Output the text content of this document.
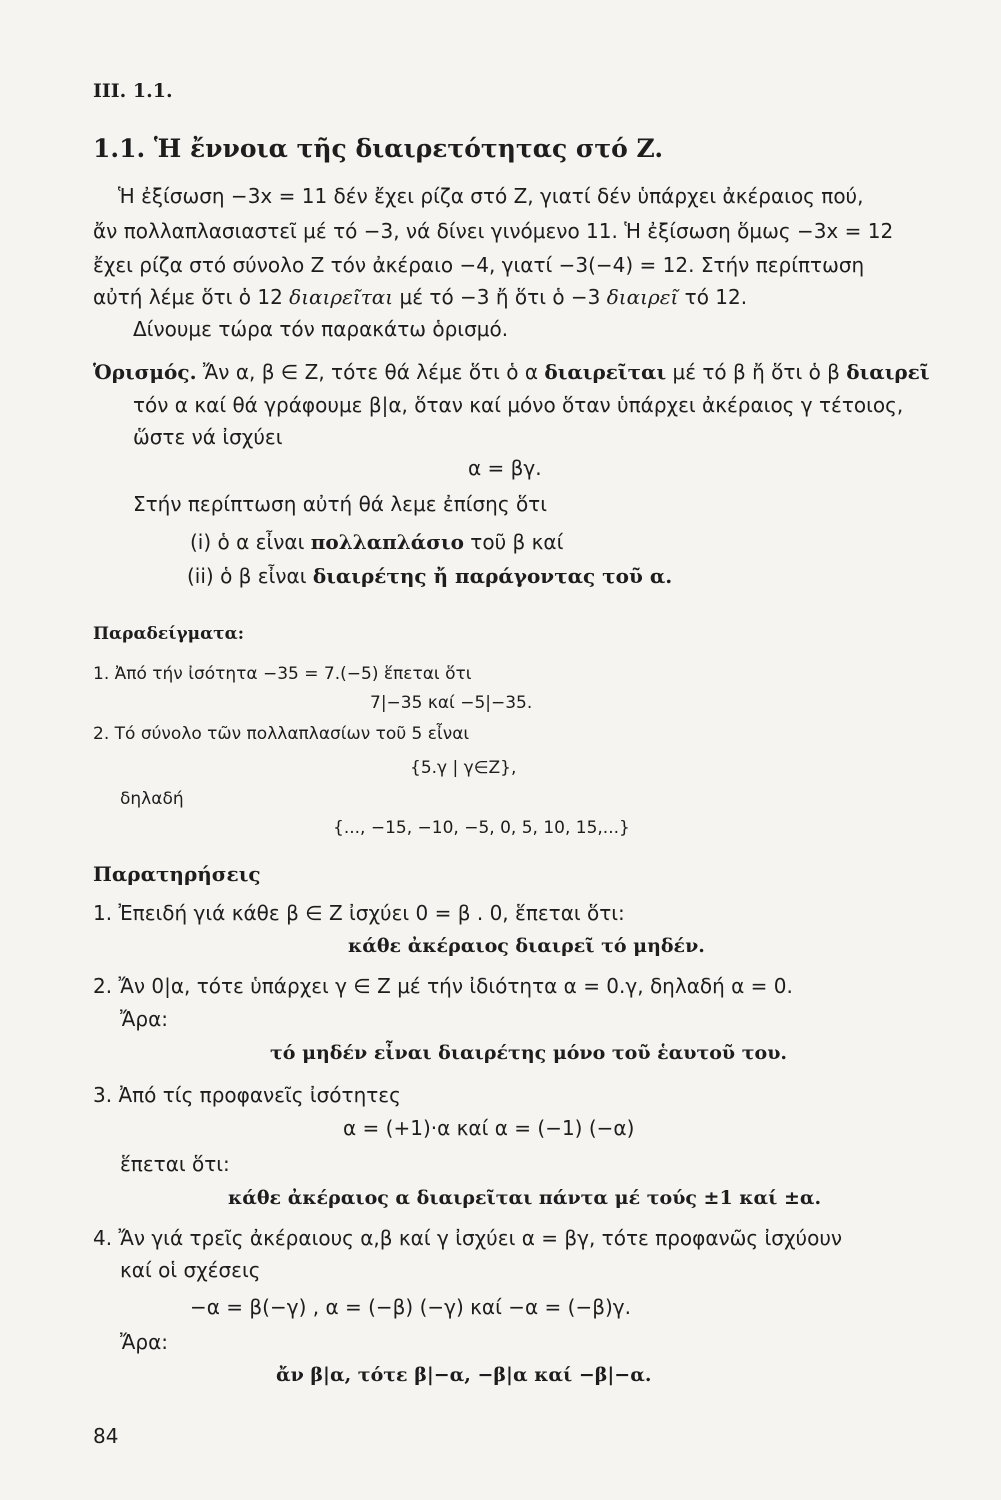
III. 1.1.
1.1. Ἡ ἔννοια τῆς διαιρετότητας στό Z.
Ἡ ἐξίσωση −3x = 11 δέν ἔχει ρίζα στό Z, γιατί δέν ὑπάρχει ἀκέραιος πού,
ἄν πολλαπλασιαστεῖ μέ τό −3, νά δίνει γινόμενο 11. Ἡ ἐξίσωση ὅμως −3x = 12
ἔχει ρίζα στό σύνολο Z τόν ἀκέραιο −4, γιατί −3(−4) = 12. Στήν περίπτωση
αὐτή λέμε ὅτι ὁ 12 διαιρεῖται μέ τό −3 ἤ ὅτι ὁ −3 διαιρεῖ τό 12.
Δίνουμε τώρα τόν παρακάτω ὁρισμό.
Ὁρισμός. Ἄν α, β ∈ Z, τότε θά λέμε ὅτι ὁ α διαιρεῖται μέ τό β ἤ ὅτι ὁ β διαιρεῖ
τόν α καί θά γράφουμε β|α, ὅταν καί μόνο ὅταν ὑπάρχει ἀκέραιος γ τέτοιος,
ὥστε νά ἰσχύει
α = βγ.
Στήν περίπτωση αὐτή θά λεμε ἐπίσης ὅτι
(i) ὁ α εἶναι πολλαπλάσιο τοῦ β καί
(ii) ὁ β εἶναι διαιρέτης ἤ παράγοντας τοῦ α.
Παραδείγματα:
1. Ἀπό τήν ἰσότητα −35 = 7.(−5) ἕπεται ὅτι
7|−35 καί −5|−35.
2. Τό σύνολο τῶν πολλαπλασίων τοῦ 5 εἶναι
{5.γ | γ∈Z},
δηλαδή
{..., −15, −10, −5, 0, 5, 10, 15,...}
Παρατηρήσεις
1. Ἐπειδή γιά κάθε β ∈ Z ἰσχύει 0 = β . 0, ἕπεται ὅτι:
κάθε ἀκέραιος διαιρεῖ τό μηδέν.
2. Ἄν 0|α, τότε ὑπάρχει γ ∈ Z μέ τήν ἰδιότητα α = 0.γ, δηλαδή α = 0.
Ἄρα:
τό μηδέν εἶναι διαιρέτης μόνο τοῦ ἑαυτοῦ του.
3. Ἀπό τίς προφανεῖς ἰσότητες
α = (+1)·α καί α = (−1) (−α)
ἕπεται ὅτι:
κάθε ἀκέραιος α διαιρεῖται πάντα μέ τούς ±1 καί ±α.
4. Ἄν γιά τρεῖς ἀκέραιους α,β καί γ ἰσχύει α = βγ, τότε προφανῶς ἰσχύουν
καί οἱ σχέσεις
−α = β(−γ) , α = (−β) (−γ) καί −α = (−β)γ.
Ἄρα:
ἄν β|α, τότε β|−α, −β|α καί −β|−α.
84
